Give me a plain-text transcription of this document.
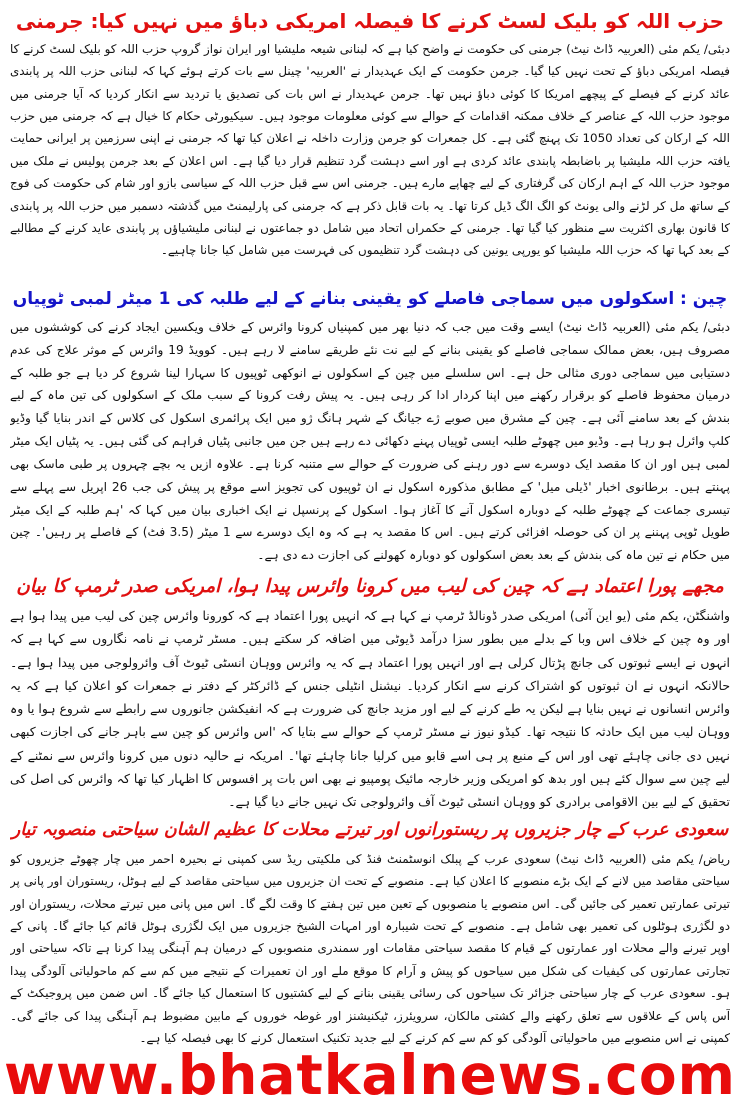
حزب اللہ کو بلیک لسٹ کرنے کا فیصلہ امریکی دباؤ میں نہیں کیا: جرمنی

دبئی/ یکم مئی (العربیہ ڈاٹ نیٹ) جرمنی کی حکومت نے واضح کیا ہے کہ لبنانی شیعہ ملیشیا اور ایران نواز گروپ حزب اللہ کو بلیک لسٹ کرنے کا فیصلہ امریکی دباؤ کے تحت نہیں کیا گیا۔ جرمن حکومت کے ایک عہدیدار نے 'العربیہ' چینل سے بات کرتے ہوئے کہا کہ لبنانی حزب اللہ پر پابندی عائد کرنے کے فیصلے کے پیچھے امریکا کا کوئی دباؤ نہیں تھا۔ جرمن عہدیدار نے اس بات کی تصدیق یا تردید سے انکار کردیا کہ آیا جرمنی میں موجود حزب اللہ کے عناصر کے خلاف ممکنہ اقدامات کے حوالے سے کوئی معلومات موجود ہیں۔ سیکیورٹی حکام کا خیال ہے کہ جرمنی میں حزب اللہ کے ارکان کی تعداد 1050 تک پہنچ گئی ہے۔ کل جمعرات کو جرمن وزارت داخلہ نے اعلان کیا تھا کہ جرمنی نے اپنی سرزمین پر ایرانی حمایت یافتہ حزب اللہ ملیشیا پر باضابطہ پابندی عائد کردی ہے اور اسے دہشت گرد تنظیم قرار دیا گیا ہے۔ اس اعلان کے بعد جرمن پولیس نے ملک میں موجود حزب اللہ کے اہم ارکان کی گرفتاری کے لیے چھاپے مارے ہیں۔ جرمنی اس سے قبل حزب اللہ کے سیاسی بازو اور شام کی حکومت کی فوج کے ساتھ مل کر لڑنے والی یونٹ کو الگ الگ ڈیل کرتا تھا۔ یہ بات قابل ذکر ہے کہ جرمنی کی پارلیمنٹ میں گذشتہ دسمبر میں حزب اللہ پر پابندی کا قانون بھاری اکثریت سے منظور کیا گیا تھا۔ جرمنی کے حکمراں اتحاد میں شامل دو جماعتوں نے لبنانی ملیشیاؤں پر پابندی عاید کرنے کے مطالبے کے بعد کہا تھا کہ حزب اللہ ملیشیا کو یورپی یونین کی دہشت گرد تنظیموں کی فہرست میں شامل کیا جانا چاہیے۔

چین : اسکولوں میں سماجی فاصلے کو یقینی بنانے کے لیے طلبہ کی 1 میٹر لمبی ٹوپیاں

دبئی/ یکم مئی (العربیہ ڈاٹ نیٹ) ایسے وقت میں جب کہ دنیا بھر میں کمپنیاں کرونا وائرس کے خلاف ویکسین ایجاد کرنے کی کوششوں میں مصروف ہیں، بعض ممالک سماجی فاصلے کو یقینی بنانے کے لیے نت نئے طریقے سامنے لا رہے ہیں۔ کوویڈ 19 وائرس کے موثر علاج کی عدم دستیابی میں سماجی دوری مثالی حل ہے۔ اس سلسلے میں چین کے اسکولوں نے انوکھی ٹوپیوں کا سہارا لینا شروع کر دیا ہے جو طلبہ کے درمیان محفوظ فاصلے کو برقرار رکھنے میں اپنا کردار ادا کر رہی ہیں۔ یہ پیش رفت کرونا کے سبب ملک کے اسکولوں کی تین ماہ کے لیے بندش کے بعد سامنے آئی ہے۔ چین کے مشرق میں صوبے ژے جیانگ کے شہر ہانگ ژو میں ایک پرائمری اسکول کی کلاس کے اندر بنایا گیا وڈیو کلپ وائرل ہو رہا ہے۔ وڈیو میں چھوٹے طلبہ ایسی ٹوپیاں پہنے دکھائی دے رہے ہیں جن میں جانبی پٹیاں فراہم کی گئی ہیں۔ یہ پٹیاں ایک میٹر لمبی ہیں اور ان کا مقصد ایک دوسرے سے دور رہنے کی ضرورت کے حوالے سے متنبہ کرنا ہے۔ علاوہ ازیں یہ بچے چہروں پر طبی ماسک بھی پہنتے ہیں۔ برطانوی اخبار 'ڈیلی میل' کے مطابق مذکورہ اسکول نے ان ٹوپیوں کی تجویز اسے موقع پر پیش کی جب 26 اپریل سے پہلے سے تیسری جماعت کے چھوٹے طلبہ کے دوبارہ اسکول آنے کا آغاز ہوا۔ اسکول کے پرنسپل نے ایک اخباری بیان میں کہا کہ 'ہم طلبہ کے ایک میٹر طویل ٹوپی پہننے پر ان کی حوصلہ افزائی کرتے ہیں۔ اس کا مقصد یہ ہے کہ وہ ایک دوسرے سے 1 میٹر (3.5 فٹ) کے فاصلے پر رہیں'۔ چین میں حکام نے تین ماہ کی بندش کے بعد بعض اسکولوں کو دوبارہ کھولنے کی اجازت دے دی ہے۔

مجھے پورا اعتماد ہے کہ چین کی لیب میں کرونا وائرس پیدا ہوا، امریکی صدر ٹرمپ کا بیان

واشنگٹن، یکم مئی (یو این آئی) امریکی صدر ڈونالڈ ٹرمپ نے کہا ہے کہ انہیں پورا اعتماد ہے کہ کورونا وائرس چین کی لیب میں پیدا ہوا ہے اور وہ چین کے خلاف اس وبا کے بدلے میں بطور سزا درآمد ڈیوٹی میں اضافہ کر سکتے ہیں۔ مسٹر ٹرمپ نے نامہ نگاروں سے کہا ہے کہ انہوں نے ایسے ثبوتوں کی جانچ پڑتال کرلی ہے اور انہیں پورا اعتماد ہے کہ یہ وائرس ووہان انسٹی ٹیوٹ آف وائرولوجی میں پیدا ہوا ہے۔ حالانکہ انہوں نے ان ثبوتوں کو اشتراک کرنے سے انکار کردیا۔ نیشنل انٹیلی جنس کے ڈائرکٹر کے دفتر نے جمعرات کو اعلان کیا ہے کہ یہ وائرس انسانوں نے نہیں بنایا ہے لیکن یہ طے کرنے کے لیے اور مزید جانچ کی ضرورت ہے کہ انفیکشن جانوروں سے رابطے سے شروع ہوا یا وہ ووہان لیب میں ایک حادثہ کا نتیجہ تھا۔ کیڈو نیوز نے مسٹر ٹرمپ کے حوالے سے بتایا کہ 'اس وائرس کو چین سے باہر جانے کی اجازت کبھی نہیں دی جانی چاہئے تھی اور اس کے منبع پر ہی اسے قابو میں کرلیا جانا چاہئے تھا'۔ امریکہ نے حالیہ دنوں میں کرونا وائرس سے نمٹنے کے لیے چین سے سوال کئے ہیں اور بدھ کو امریکی وزیر خارجہ مائیک پومپیو نے بھی اس بات پر افسوس کا اظہار کیا تھا کہ وائرس کی اصل کی تحقیق کے لیے بین الاقوامی برادری کو ووہان انسٹی ٹیوٹ آف وائرولوجی تک نہیں جانے دیا گیا ہے۔

سعودی عرب کے چار جزیروں پر ریستورانوں اور تیرتے محلات کا عظیم الشان سیاحتی منصوبہ تیار

ریاض/ یکم مئی (العربیہ ڈاٹ نیٹ) سعودی عرب کے پبلک انوسٹمنٹ فنڈ کی ملکیتی ریڈ سی کمپنی نے بحیرہ احمر میں چار چھوٹے جزیروں کو سیاحتی مقاصد میں لانے کے ایک بڑے منصوبے کا اعلان کیا ہے۔ منصوبے کے تحت ان جزیروں میں سیاحتی مقاصد کے لیے ہوٹل، ریستوران اور پانی پر تیرتی عمارتیں تعمیر کی جائیں گی۔ اس منصوبے یا منصوبوں کے تعین میں تین ہفتے کا وقت لگے گا۔ اس میں پانی میں تیرتے محلات، ریستوران اور دو لگژری ہوٹلوں کی تعمیر بھی شامل ہے۔ منصوبے کے تحت شیبارہ اور امہات الشیخ جزیروں میں ایک لگژری ہوٹل قائم کیا جائے گا۔ پانی کے اوپر تیرنے والے محلات اور عمارتوں کے قیام کا مقصد سیاحتی مقامات اور سمندری منصوبوں کے درمیان ہم آہنگی پیدا کرنا ہے تاکہ سیاحتی اور تجارتی عمارتوں کی کیفیات کی شکل میں سیاحوں کو پیش و آرام کا موقع ملے اور ان تعمیرات کے نتیجے میں کم سے کم ماحولیاتی آلودگی پیدا ہو۔ سعودی عرب کے چار سیاحتی جزائر تک سیاحوں کی رسائی یقینی بنانے کے لیے کشتیوں کا استعمال کیا جائے گا۔ اس ضمن میں پروجیکٹ کے آس پاس کے علاقوں سے تعلق رکھنے والے کشتی مالکان، سرویئرز، ٹیکنیشنز اور غوطہ خوروں کے مابین مضبوط ہم آہنگی پیدا کی جائے گی۔ کمپنی نے اس منصوبے میں ماحولیاتی آلودگی کو کم سے کم کرنے کے لیے جدید تکنیک استعمال کرنے کا بھی فیصلہ کیا ہے۔

www.bhatkalnews.com
